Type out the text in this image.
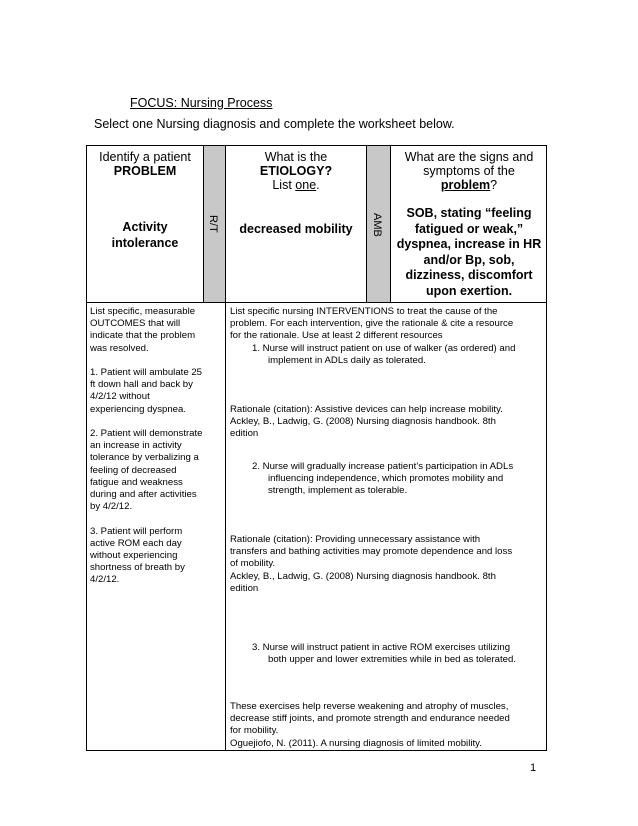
FOCUS: Nursing Process
Select one Nursing diagnosis and complete the worksheet below.
Identify a patient
PROBLEM
Activity
intolerance
R/T
What is the
ETIOLOGY?
List one.
decreased mobility	AMB
What are the signs and
symptoms of the
problem?
SOB, stating “feeling
fatigued or weak,”
dyspnea, increase in HR
and/or Bp, sob,
dizziness, discomfort
upon exertion.
List specific, measurable
OUTCOMES that will
indicate that the problem
was resolved.

1. Patient will ambulate 25
ft down hall and back by
4/2/12 without
experiencing dyspnea.

2. Patient will demonstrate
an increase in activity
tolerance by verbalizing a
feeling of decreased
fatigue and weakness
during and after activities
by 4/2/12.

3. Patient will perform
active ROM each day
without experiencing
shortness of breath by
4/2/12.
List specific nursing INTERVENTIONS to treat the cause of the
problem. For each intervention, give the rationale & cite a resource
for the rationale. Use at least 2 different resources
1. Nurse will instruct patient on use of walker (as ordered) and
implement in ADLs daily as tolerated.
Rationale (citation): Assistive devices can help increase mobility.
Ackley, B., Ladwig, G. (2008) Nursing diagnosis handbook. 8th
edition
2. Nurse will gradually increase patient’s participation in ADLs
influencing independence, which promotes mobility and
strength, implement as tolerable.
Rationale (citation): Providing unnecessary assistance with
transfers and bathing activities may promote dependence and loss
of mobility.
Ackley, B., Ladwig, G. (2008) Nursing diagnosis handbook. 8th
edition
3. Nurse will instruct patient in active ROM exercises utilizing
both upper and lower extremities while in bed as tolerated.
These exercises help reverse weakening and atrophy of muscles,
decrease stiff joints, and promote strength and endurance needed
for mobility.
Oguejiofo, N. (2011). A nursing diagnosis of limited mobility.
1
